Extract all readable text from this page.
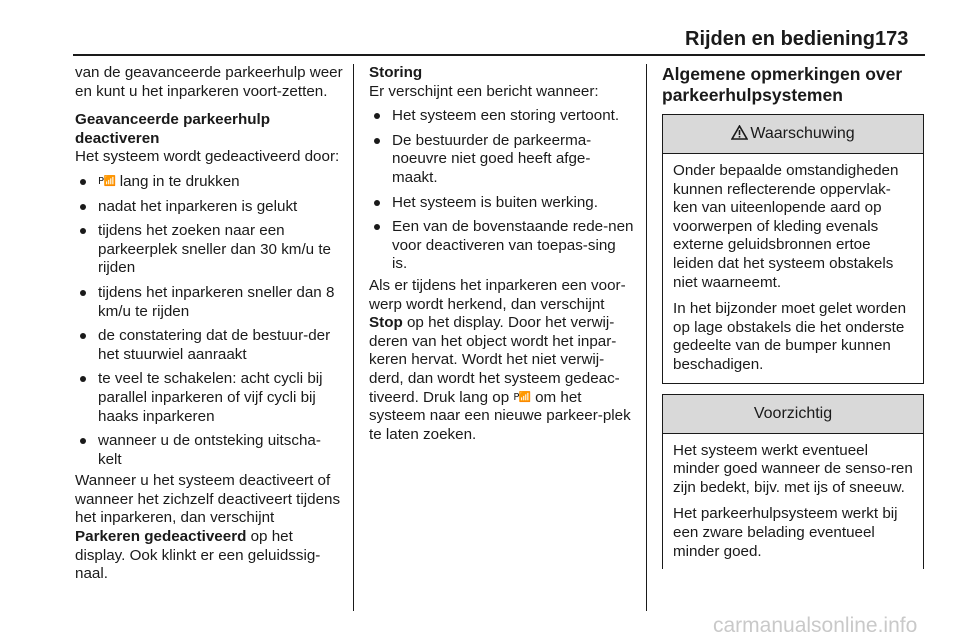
Rijden en bediening 173

van de geavanceerde parkeerhulp weer en kunt u het inparkeren voort-zetten.

Geavanceerde parkeerhulp deactiveren

Het systeem wordt gedeactiveerd door:

P📶 lang in te drukken
nadat het inparkeren is gelukt
tijdens het zoeken naar een parkeerplek sneller dan 30 km/u te rijden
tijdens het inparkeren sneller dan 8 km/u te rijden
de constatering dat de bestuur-der het stuurwiel aanraakt
te veel te schakelen: acht cycli bij parallel inparkeren of vijf cycli bij haaks inparkeren
wanneer u de ontsteking uitscha-kelt

Wanneer u het systeem deactiveert of wanneer het zichzelf deactiveert tijdens het inparkeren, dan verschijnt Parkeren gedeactiveerd op het display. Ook klinkt er een geluidssig-naal.

Storing

Er verschijnt een bericht wanneer:

Het systeem een storing vertoont.
De bestuurder de parkeerma-noeuvre niet goed heeft afge-maakt.
Het systeem is buiten werking.
Een van de bovenstaande rede-nen voor deactiveren van toepas-sing is.

Als er tijdens het inparkeren een voor-werp wordt herkend, dan verschijnt Stop op het display. Door het verwij-deren van het object wordt het inpar-keren hervat. Wordt het niet verwij-derd, dan wordt het systeem gedeac-tiveerd. Druk lang op P📶 om het systeem naar een nieuwe parkeer-plek te laten zoeken.

Algemene opmerkingen over parkeerhulpsystemen

Waarschuwing

Onder bepaalde omstandigheden kunnen reflecterende oppervlak-ken van uiteenlopende aard op voorwerpen of kleding evenals externe geluidsbronnen ertoe leiden dat het systeem obstakels niet waarneemt.

In het bijzonder moet gelet worden op lage obstakels die het onderste gedeelte van de bumper kunnen beschadigen.

Voorzichtig

Het systeem werkt eventueel minder goed wanneer de senso-ren zijn bedekt, bijv. met ijs of sneeuw.

Het parkeerhulpsysteem werkt bij een zware belading eventueel minder goed.

carmanualsonline.info
